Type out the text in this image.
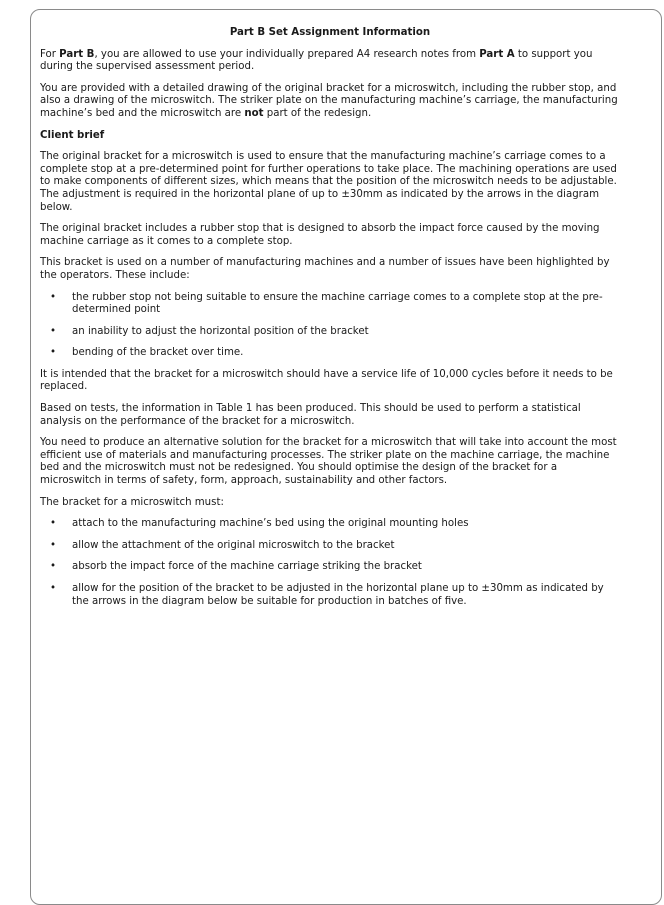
Part B Set Assignment Information

For Part B, you are allowed to use your individually prepared A4 research notes from Part A to support you during the supervised assessment period.

You are provided with a detailed drawing of the original bracket for a microswitch, including the rubber stop, and also a drawing of the microswitch. The striker plate on the manufacturing machine’s carriage, the manufacturing machine’s bed and the microswitch are not part of the redesign.

Client brief

The original bracket for a microswitch is used to ensure that the manufacturing machine’s carriage comes to a complete stop at a pre-determined point for further operations to take place. The machining operations are used to make components of different sizes, which means that the position of the microswitch needs to be adjustable. The adjustment is required in the horizontal plane of up to ±30mm as indicated by the arrows in the diagram below.

The original bracket includes a rubber stop that is designed to absorb the impact force caused by the moving machine carriage as it comes to a complete stop.

This bracket is used on a number of manufacturing machines and a number of issues have been highlighted by the operators. These include:

• the rubber stop not being suitable to ensure the machine carriage comes to a complete stop at the pre-determined point
• an inability to adjust the horizontal position of the bracket
• bending of the bracket over time.

It is intended that the bracket for a microswitch should have a service life of 10,000 cycles before it needs to be replaced.

Based on tests, the information in Table 1 has been produced. This should be used to perform a statistical analysis on the performance of the bracket for a microswitch.

You need to produce an alternative solution for the bracket for a microswitch that will take into account the most efficient use of materials and manufacturing processes. The striker plate on the machine carriage, the machine bed and the microswitch must not be redesigned. You should optimise the design of the bracket for a microswitch in terms of safety, form, approach, sustainability and other factors.

The bracket for a microswitch must:

• attach to the manufacturing machine’s bed using the original mounting holes
• allow the attachment of the original microswitch to the bracket
• absorb the impact force of the machine carriage striking the bracket
• allow for the position of the bracket to be adjusted in the horizontal plane up to ±30mm as indicated by the arrows in the diagram below be suitable for production in batches of five.
